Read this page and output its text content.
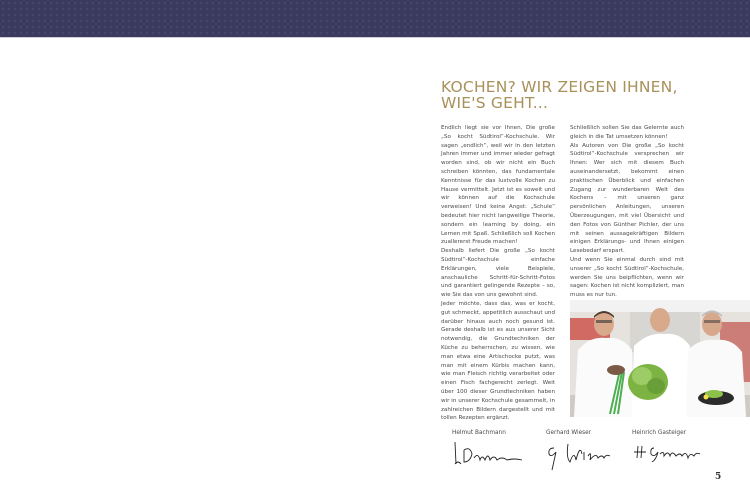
KOCHEN? WIR ZEIGEN IHNEN,
WIE'S GEHT...

Endlich liegt sie vor Ihnen, Die große „So kocht Südtirol“-Kochschule. Wir sagen „endlich“, weil wir in den letzten Jahren immer und immer wieder gefragt worden sind, ob wir nicht ein Buch schreiben könnten, das fundamentale Kenntnisse für das lustvolle Kochen zu Hause vermittelt. Jetzt ist es soweit und wir können auf die Kochschule verweisen! Und keine Angst: „Schule“ bedeutet hier nicht langweilige Theorie, sondern ein learning by doing, ein Lernen mit Spaß. Schließlich soll Kochen zuallererst Freude machen!

Deshalb liefert Die große „So kocht Südtirol“-Kochschule einfache Erklärungen, viele Beispiele, anschauliche Schritt-für-Schritt-Fotos und garantiert gelingende Rezepte – so, wie Sie das von uns gewohnt sind.

Jeder möchte, dass das, was er kocht, gut schmeckt, appetitlich ausschaut und darüber hinaus auch noch gesund ist. Gerade deshalb ist es aus unserer Sicht notwendig, die Grundtechniken der Küche zu beherrschen, zu wissen, wie man etwa eine Artischocke putzt, was man mit einem Kürbis machen kann, wie man Fleisch richtig verarbeitet oder einen Fisch fachgerecht zerlegt. Weit über 100 dieser Grundtechniken haben wir in unserer Kochschule gesammelt, in zahlreichen Bildern dargestellt und mit tollen Rezepten ergänzt.

Schließlich sollen Sie das Gelernte auch gleich in die Tat umsetzen können!

Als Autoren von Die große „So kocht Südtirol“-Kochschule versprechen wir Ihnen: Wer sich mit diesem Buch auseinandersetzt, bekommt einen praktischen Überblick und einfachen Zugang zur wunderbaren Welt des Kochens – mit unseren ganz persönlichen Anleitungen, unseren Überzeugungen, mit viel Übersicht und den Fotos von Günther Pichler, der uns mit seinen aussagekräftigen Bildern einigen Erklärungs- und Ihnen einigen Lesebedarf erspart.

Und wenn Sie einmal durch sind mit unserer „So kocht Südtirol“-Kochschule, werden Sie uns beipflichten, wenn wir sagen: Kochen ist nicht kompliziert, man muss es nur tun.

Helmut Bachmann	Gerhard Wieser	Heinrich Gasteiger
5
